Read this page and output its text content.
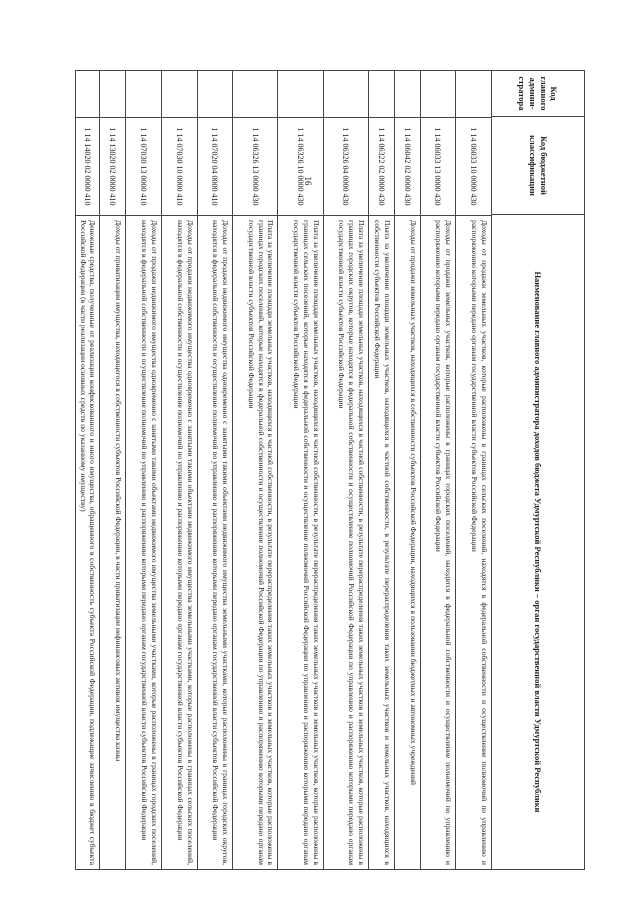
16
Код главного админи-стратора
Код бюджетной классификации
Наименование главного администратора доходов бюджета Удмуртской Республики – орган государственной власти Удмуртской Республики
1 14 06033 10 0000 430
Доходы от продажи земельных участков, которые расположены в границах сельских поселений, находятся в федеральной собственности и осуществление полномочий по управлению и распоряжению которыми передано органам государственной власти субъектов Российской Федерации
1 14 06033 13 0000 430
Доходы от продажи земельных участков, которые расположены в границах городских поселений, находятся в федеральной собственности и осуществление полномочий по управлению и распоряжению которыми передано органам государственной власти субъектов Российской Федерации
1 14 06042 02 0000 430
Доходы от продажи земельных участков, находящихся в собственности субъектов Российской Федерации, находящихся в пользовании бюджетных и автономных учреждений
1 14 06322 02 0000 430
Плата за увеличение площади земельных участков, находящихся в частной собственности, в результате перераспределения таких земельных участков и земельных участков, находящихся в собственности субъектов Российской Федерации
1 14 06326 04 0000 430
Плата за увеличение площади земельных участков, находящихся в частной собственности, в результате перераспределения таких земельных участков и земельных участков, которые расположены в границах городских округов, которые находятся в федеральной собственности и осуществление полномочий Российской Федерации по управлению и распоряжению которыми передано органам государственной власти субъектов Российской Федерации
1 14 06326 10 0000 430
Плата за увеличение площади земельных участков, находящихся в частной собственности, в результате перераспределения таких земельных участков и земельных участков, которые расположены в границах сельских поселений, которые находятся в федеральной собственности и осуществление полномочий Российской Федерации по управлению и распоряжению которыми передано органам государственной власти субъектов Российской Федерации
1 14 06326 13 0000 430
Плата за увеличение площади земельных участков, находящихся в частной собственности, в результате перераспределения таких земельных участков и земельных участков, которые расположены в границах городских поселений, которые находятся в федеральной собственности и осуществление полномочий Российской Федерации по управлению и распоряжению которыми передано органам государственной власти субъектов Российской Федерации
1 14 07020 04 0000 410
Доходы от продажи недвижимого имущества одновременно с занятыми такими объектами недвижимого имущества земельными участками, которые расположены в границах городских округов, находятся в федеральной собственности и осуществление полномочий по управлению и распоряжению которыми передано органам государственной власти субъектов Российской Федерации
1 14 07030 10 0000 410
Доходы от продажи недвижимого имущества одновременно с занятыми такими объектами недвижимого имущества земельными участками, которые расположены в границах сельских поселений, находятся в федеральной собственности и осуществление полномочий по управлению и распоряжению которыми передано органам государственной власти субъектов Российской Федерации
1 14 07030 13 0000 410
Доходы от продажи недвижимого имущества одновременно с занятыми такими объектами недвижимого имущества земельными участками, которые расположены в границах городских поселений, находятся в федеральной собственности и осуществление полномочий по управлению и распоряжению которыми передано органам государственной власти субъектов Российской Федерации
1 14 13020 02 0000 410
Доходы от приватизации имущества, находящегося в собственности субъектов Российской Федерации, в части приватизации нефинансовых активов имущества казны
1 14 14020 02 0000 410
Денежные средства, полученные от реализации конфискованного и иного имущества, обращенного в собственность субъекта Российской Федерации, подлежащие зачислению в бюджет субъекта Российской Федерации (в части реализации основных средств по указанному имуществу)
